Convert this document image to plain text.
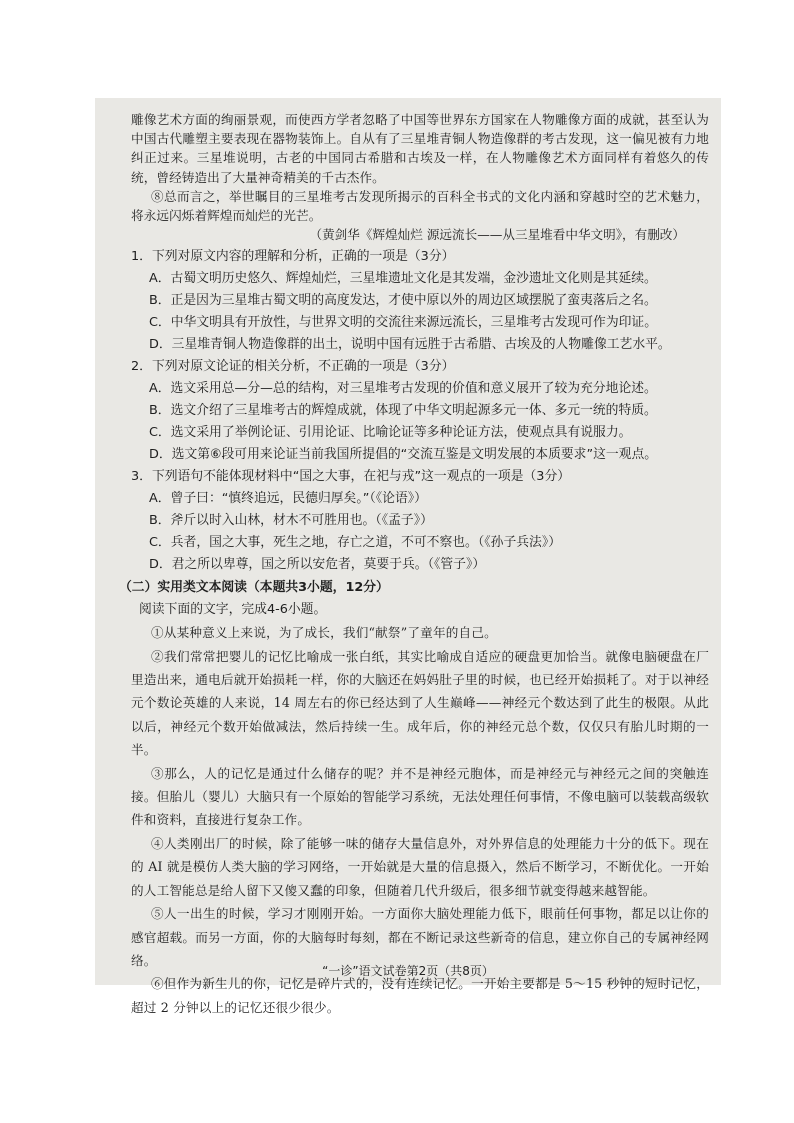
雕像艺术方面的绚丽景观，而使西方学者忽略了中国等世界东方国家在人物雕像方面的成就，甚至认为中国古代雕塑主要表现在器物装饰上。自从有了三星堆青铜人物造像群的考古发现，这一偏见被有力地纠正过来。三星堆说明，古老的中国同古希腊和古埃及一样，在人物雕像艺术方面同样有着悠久的传统，曾经铸造出了大量神奇精美的千古杰作。

⑧总而言之，举世瞩目的三星堆考古发现所揭示的百科全书式的文化内涵和穿越时空的艺术魅力，将永远闪烁着辉煌而灿烂的光芒。

（黄剑华《辉煌灿烂 源远流长——从三星堆看中华文明》，有删改）

1．下列对原文内容的理解和分析，正确的一项是（3分）

A．古蜀文明历史悠久、辉煌灿烂，三星堆遗址文化是其发端，金沙遗址文化则是其延续。

B．正是因为三星堆古蜀文明的高度发达，才使中原以外的周边区域摆脱了蛮夷落后之名。

C．中华文明具有开放性，与世界文明的交流往来源远流长，三星堆考古发现可作为印证。

D．三星堆青铜人物造像群的出土，说明中国有远胜于古希腊、古埃及的人物雕像工艺水平。

2．下列对原文论证的相关分析，不正确的一项是（3分）

A．选文采用总—分—总的结构，对三星堆考古发现的价值和意义展开了较为充分地论述。

B．选文介绍了三星堆考古的辉煌成就，体现了中华文明起源多元一体、多元一统的特质。

C．选文采用了举例论证、引用论证、比喻论证等多种论证方法，使观点具有说服力。

D．选文第⑥段可用来论证当前我国所提倡的“交流互鉴是文明发展的本质要求”这一观点。

3．下列语句不能体现材料中“国之大事，在祀与戎”这一观点的一项是（3分）

A．曾子曰：“慎终追远，民德归厚矣。”（《论语》）

B．斧斤以时入山林，材木不可胜用也。（《孟子》）

C．兵者，国之大事，死生之地，存亡之道，不可不察也。（《孙子兵法》）

D．君之所以卑尊，国之所以安危者，莫要于兵。（《管子》）

（二）实用类文本阅读（本题共3小题，12分）

阅读下面的文字，完成4-6小题。

①从某种意义上来说，为了成长，我们“献祭”了童年的自己。

②我们常常把婴儿的记忆比喻成一张白纸，其实比喻成自适应的硬盘更加恰当。就像电脑硬盘在厂里造出来，通电后就开始损耗一样，你的大脑还在妈妈肚子里的时候，也已经开始损耗了。对于以神经元个数论英雄的人来说，14 周左右的你已经达到了人生巅峰——神经元个数达到了此生的极限。从此以后，神经元个数开始做减法，然后持续一生。成年后，你的神经元总个数，仅仅只有胎儿时期的一半。

③那么，人的记忆是通过什么储存的呢？并不是神经元胞体，而是神经元与神经元之间的突触连接。但胎儿（婴儿）大脑只有一个原始的智能学习系统，无法处理任何事情，不像电脑可以装载高级软件和资料，直接进行复杂工作。

④人类刚出厂的时候，除了能够一味的储存大量信息外，对外界信息的处理能力十分的低下。现在的 AI 就是模仿人类大脑的学习网络，一开始就是大量的信息摄入，然后不断学习，不断优化。一开始的人工智能总是给人留下又傻又蠢的印象，但随着几代升级后，很多细节就变得越来越智能。

⑤人一出生的时候，学习才刚刚开始。一方面你大脑处理能力低下，眼前任何事物，都足以让你的感官超载。而另一方面，你的大脑每时每刻，都在不断记录这些新奇的信息，建立你自己的专属神经网络。

⑥但作为新生儿的你，记忆是碎片式的，没有连续记忆。一开始主要都是 5～15 秒钟的短时记忆，超过 2 分钟以上的记忆还很少很少。

“一诊”语文试卷第2页（共8页）
